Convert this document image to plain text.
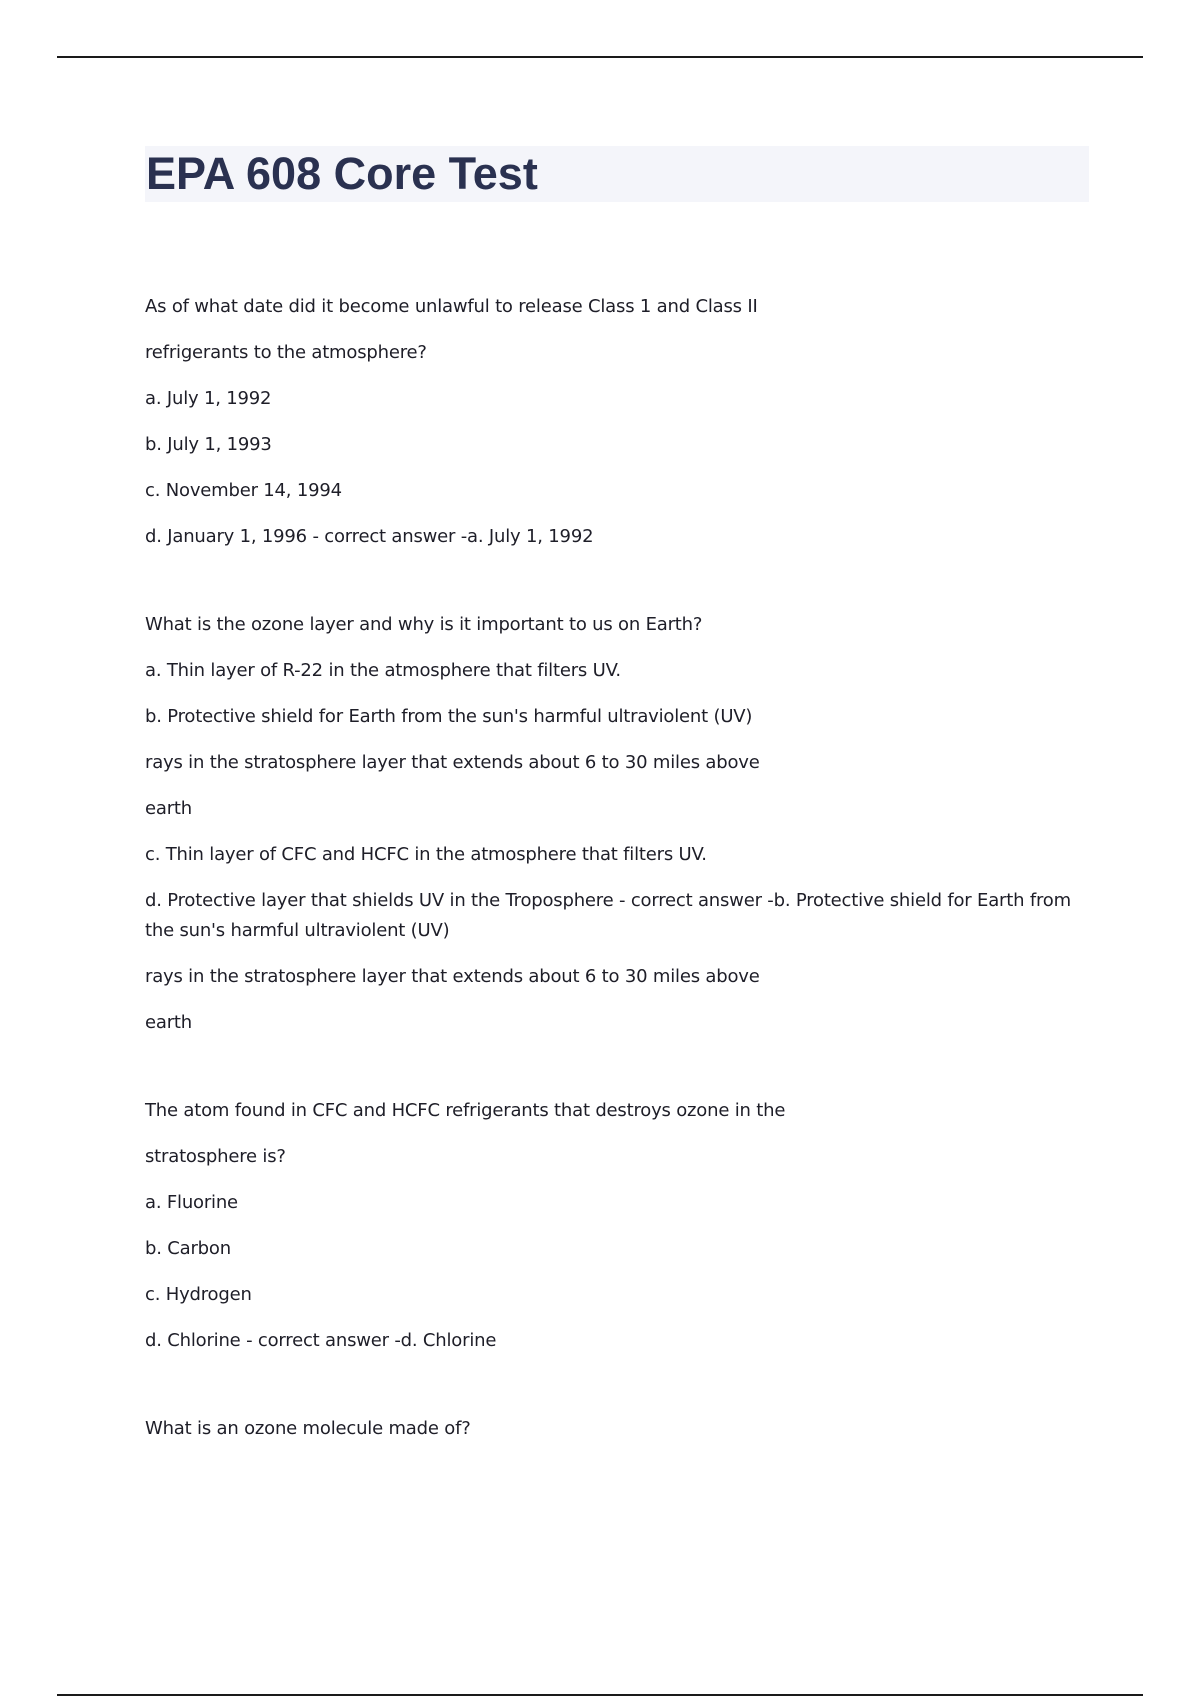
EPA 608 Core Test

As of what date did it become unlawful to release Class 1 and Class II

refrigerants to the atmosphere?

a. July 1, 1992

b. July 1, 1993

c. November 14, 1994

d. January 1, 1996 - correct answer -a. July 1, 1992

What is the ozone layer and why is it important to us on Earth?

a. Thin layer of R-22 in the atmosphere that filters UV.

b. Protective shield for Earth from the sun's harmful ultraviolent (UV)

rays in the stratosphere layer that extends about 6 to 30 miles above

earth

c. Thin layer of CFC and HCFC in the atmosphere that filters UV.

d. Protective layer that shields UV in the Troposphere - correct answer -b. Protective shield for Earth from the sun's harmful ultraviolent (UV)

rays in the stratosphere layer that extends about 6 to 30 miles above

earth

The atom found in CFC and HCFC refrigerants that destroys ozone in the

stratosphere is?

a. Fluorine

b. Carbon

c. Hydrogen

d. Chlorine - correct answer -d. Chlorine

What is an ozone molecule made of?
